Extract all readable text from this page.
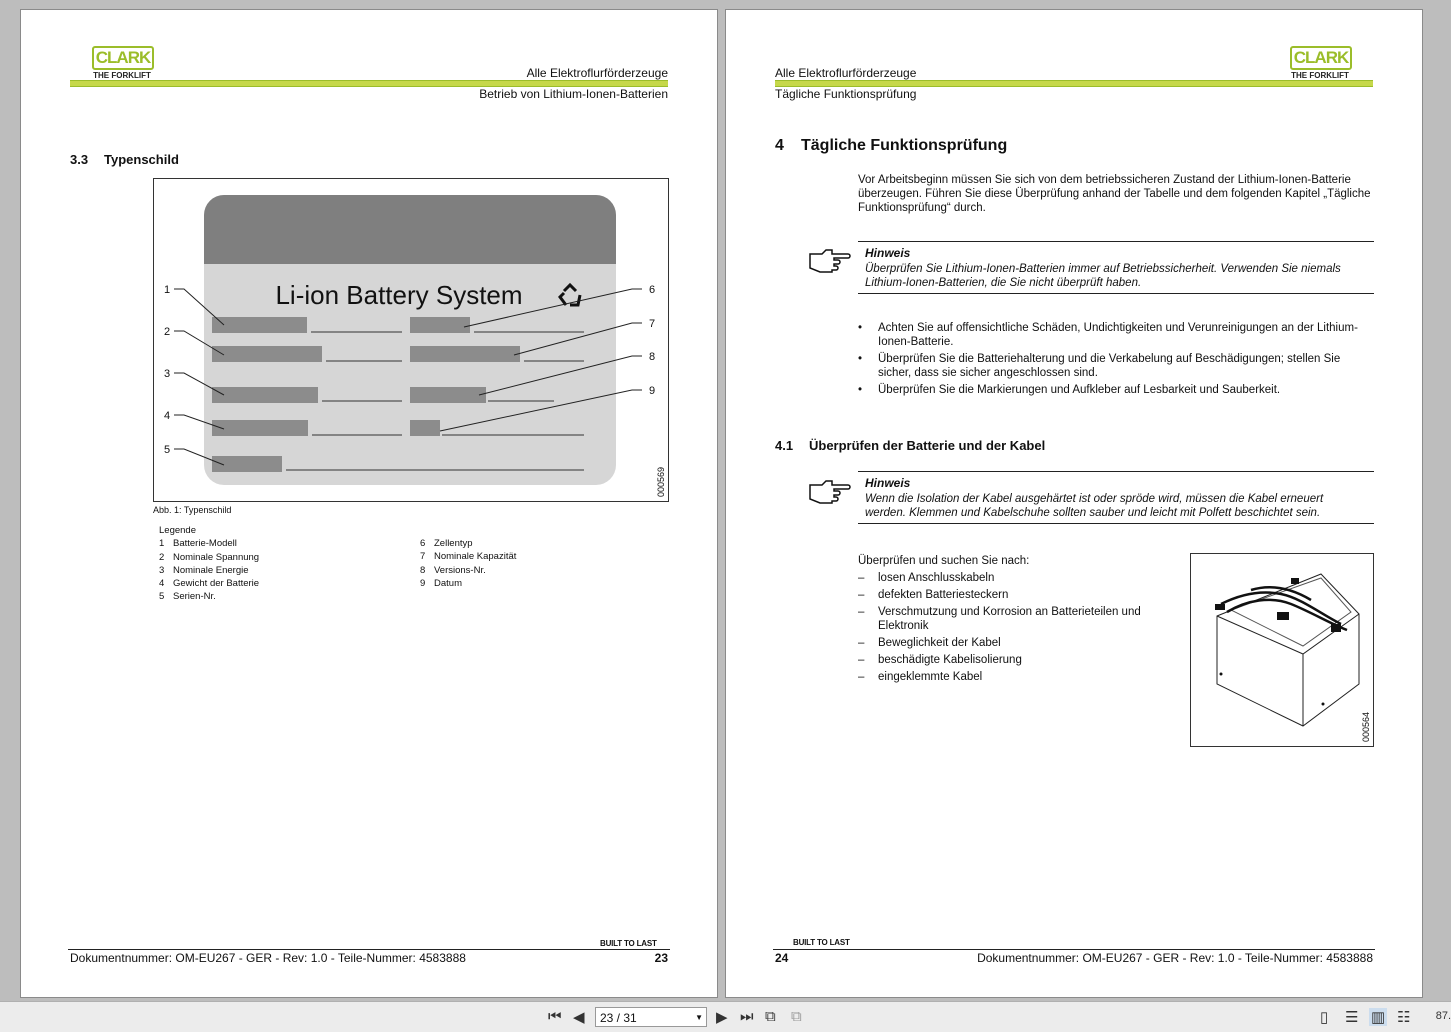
CLARK
THE FORKLIFT	Alle Elektroflurförderzeuge
Betrieb von Lithium-Ionen-Batterien
3.3 Typenschild
Li-ion Battery System
1
2
3
4
5
6
7
8
9
000569
Abb. 1: Typenschild
Legende
1 Batterie-Modell
2 Nominale Spannung
3 Nominale Energie
4 Gewicht der Batterie
5 Serien-Nr.
6 Zellentyp
7 Nominale Kapazität
8 Versions-Nr.
9 Datum
BUILT TO LAST
Dokumentnummer: OM-EU267 - GER - Rev: 1.0 - Teile-Nummer: 4583888	23
CLARK
THE FORKLIFT
Alle Elektroflurförderzeuge
Tägliche Funktionsprüfung
4 Tägliche Funktionsprüfung
Vor Arbeitsbeginn müssen Sie sich von dem betriebssicheren Zustand der Lithium-Ionen-Batterie überzeugen. Führen Sie diese Überprüfung anhand der Tabelle und dem folgenden Kapitel „Tägliche Funktionsprüfung“ durch.
Hinweis
Überprüfen Sie Lithium-Ionen-Batterien immer auf Betriebssicherheit. Verwenden Sie niemals Lithium-Ionen-Batterien, die Sie nicht überprüft haben.
• Achten Sie auf offensichtliche Schäden, Undichtigkeiten und Verunreinigungen an der Lithium-Ionen-Batterie.
• Überprüfen Sie die Batteriehalterung und die Verkabelung auf Beschädigungen; stellen Sie sicher, dass sie sicher angeschlossen sind.
• Überprüfen Sie die Markierungen und Aufkleber auf Lesbarkeit und Sauberkeit.
4.1 Überprüfen der Batterie und der Kabel
Hinweis
Wenn die Isolation der Kabel ausgehärtet ist oder spröde wird, müssen die Kabel erneuert werden. Klemmen und Kabelschuhe sollten sauber und leicht mit Polfett beschichtet sein.
Überprüfen und suchen Sie nach:
– losen Anschlusskabeln
– defekten Batteriesteckern
– Verschmutzung und Korrosion an Batterieteilen und Elektronik
– Beweglichkeit der Kabel
– beschädigte Kabelisolierung
– eingeklemmte Kabel
000564
BUILT TO LAST
24	Dokumentnummer: OM-EU267 - GER - Rev: 1.0 - Teile-Nummer: 4583888
⏮ ◀	23 / 31	▼ ▶ ⏭ ⧉ ⧉	▯ ☰ ▥ ☷ 87.
